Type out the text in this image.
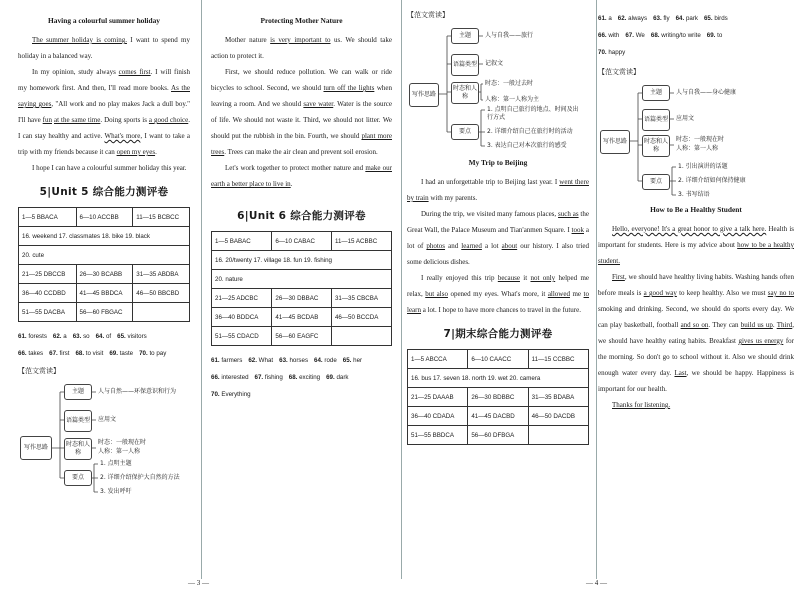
Having a colourful summer holiday

The summer holiday is coming. I want to spend my holiday in a balanced way.

In my opinion, study always comes first. I will finish my homework first. And then, I'll read more books. As the saying goes, "All work and no play makes Jack a dull boy." I'll have fun at the same time. Doing sports is a good choice. I can stay healthy and active. What's more, I want to take a trip with my friends because it can open my eyes.

I hope I can have a colourful summer holiday this year.

5|Unit 5 综合能力测评卷
1—5 BBACA	6—10 ACCBB	11—15 BCBCC
16. weekend 17. classmates 18. bike 19. black		
20. cute		
21—25 DBCCB	26—30 BCABB	31—35 ABDBA
36—40 CCDBD	41—45 BBDCA	46—50 BBCBD
51—55 DACBA	56—60 FBGAC	
61. forests 62. a 63. so 64. of 65. visitors
66. takes 67. first 68. to visit 69. taste 70. to pay
【范文赏读】
写作思路
主题	人与自然——环保意识和行为
语篇类型	应用文
时态和人称
时态：一般现在时
人称：第一人称
要点
1. 点明主题
2. 详细介绍保护大自然的方法
3. 发出呼吁
Protecting Mother Nature

Mother nature is very important to us. We should take action to protect it.

First, we should reduce pollution. We can walk or ride bicycles to school. Second, we should turn off the lights when leaving a room. And we should save water. Water is the source of life. We should not waste it. Third, we should not litter. We should put the rubbish in the bin. Fourth, we should plant more trees. Trees can make the air clean and prevent soil erosion.

Let's work together to protect mother nature and make our earth a better place to live in.

6|Unit 6 综合能力测评卷
1—5 BABAC	6—10 CABAC	11—15 ACBBC
16. 20/twenty 17. village 18. fun 19. fishing		
20. nature		
21—25 ADCBC	26—30 DBBAC	31—35 CBCBA
36—40 BDDCA	41—45 BCDAB	46—50 BCCDA
51—55 CDACD	56—60 EAGFC	
61. farmers 62. What 63. horses 64. rode 65. her
66. interested 67. fishing 68. exciting 69. dark
70. Everything
【范文赏读】
写作思路
主题	人与自我——旅行
语篇类型	记叙文
时态和人称
时态：一般过去时
人称：第一人称为主
要点
1. 点明自己旅行的地点、时间及出行方式
2. 详细介绍自己在旅行时的活动
3. 表达自己对本次旅行的感受
My Trip to Beijing

I had an unforgettable trip to Beijing last year. I went there by train with my parents.

During the trip, we visited many famous places, such as the Great Wall, the Palace Museum and Tian'anmen Square. I took a lot of photos and learned a lot about our history. I also tried some delicious dishes.

I really enjoyed this trip because it not only helped me relax, but also opened my eyes. What's more, it allowed me to learn a lot. I hope to have more chances to travel in the future.

7|期末综合能力测评卷
1—5 ABCCA	6—10 CAACC	11—15 CCBBC
16. bus 17. seven 18. north 19. wet 20. camera		
21—25 DAAAB	26—30 BDBBC	31—35 BDABA
36—40 CDADA	41—45 DACBD	46—50 DACDB
51—55 BBDCA	56—60 DFBGA	
61. a 62. always 63. fly 64. park 65. birds
66. with 67. We 68. writing/to write 69. to
70. happy
【范文赏读】
写作思路
主题	人与自我——身心健康
语篇类型	应用文
时态和人称
时态：一般现在时
人称：第一人称
要点
1. 引出演讲的话题
2. 详细介绍如何保持健康
3. 书写结语
How to Be a Healthy Student

Hello, everyone! It's a great honor to give a talk here. Health is important for students. Here is my advice about how to be a healthy student.

First, we should have healthy living habits. Washing hands often before meals is a good way to keep healthy. Also we must say no to smoking and drinking. Second, we should do sports every day. We can play basketball, football and so on. They can build us up. Third, we should have healthy eating habits. Breakfast gives us energy for the morning. So don't go to school without it. Also we should drink enough water every day. Last, we should be happy. Happiness is important for our health.

Thanks for listening.

— 3 —	— 4 —
